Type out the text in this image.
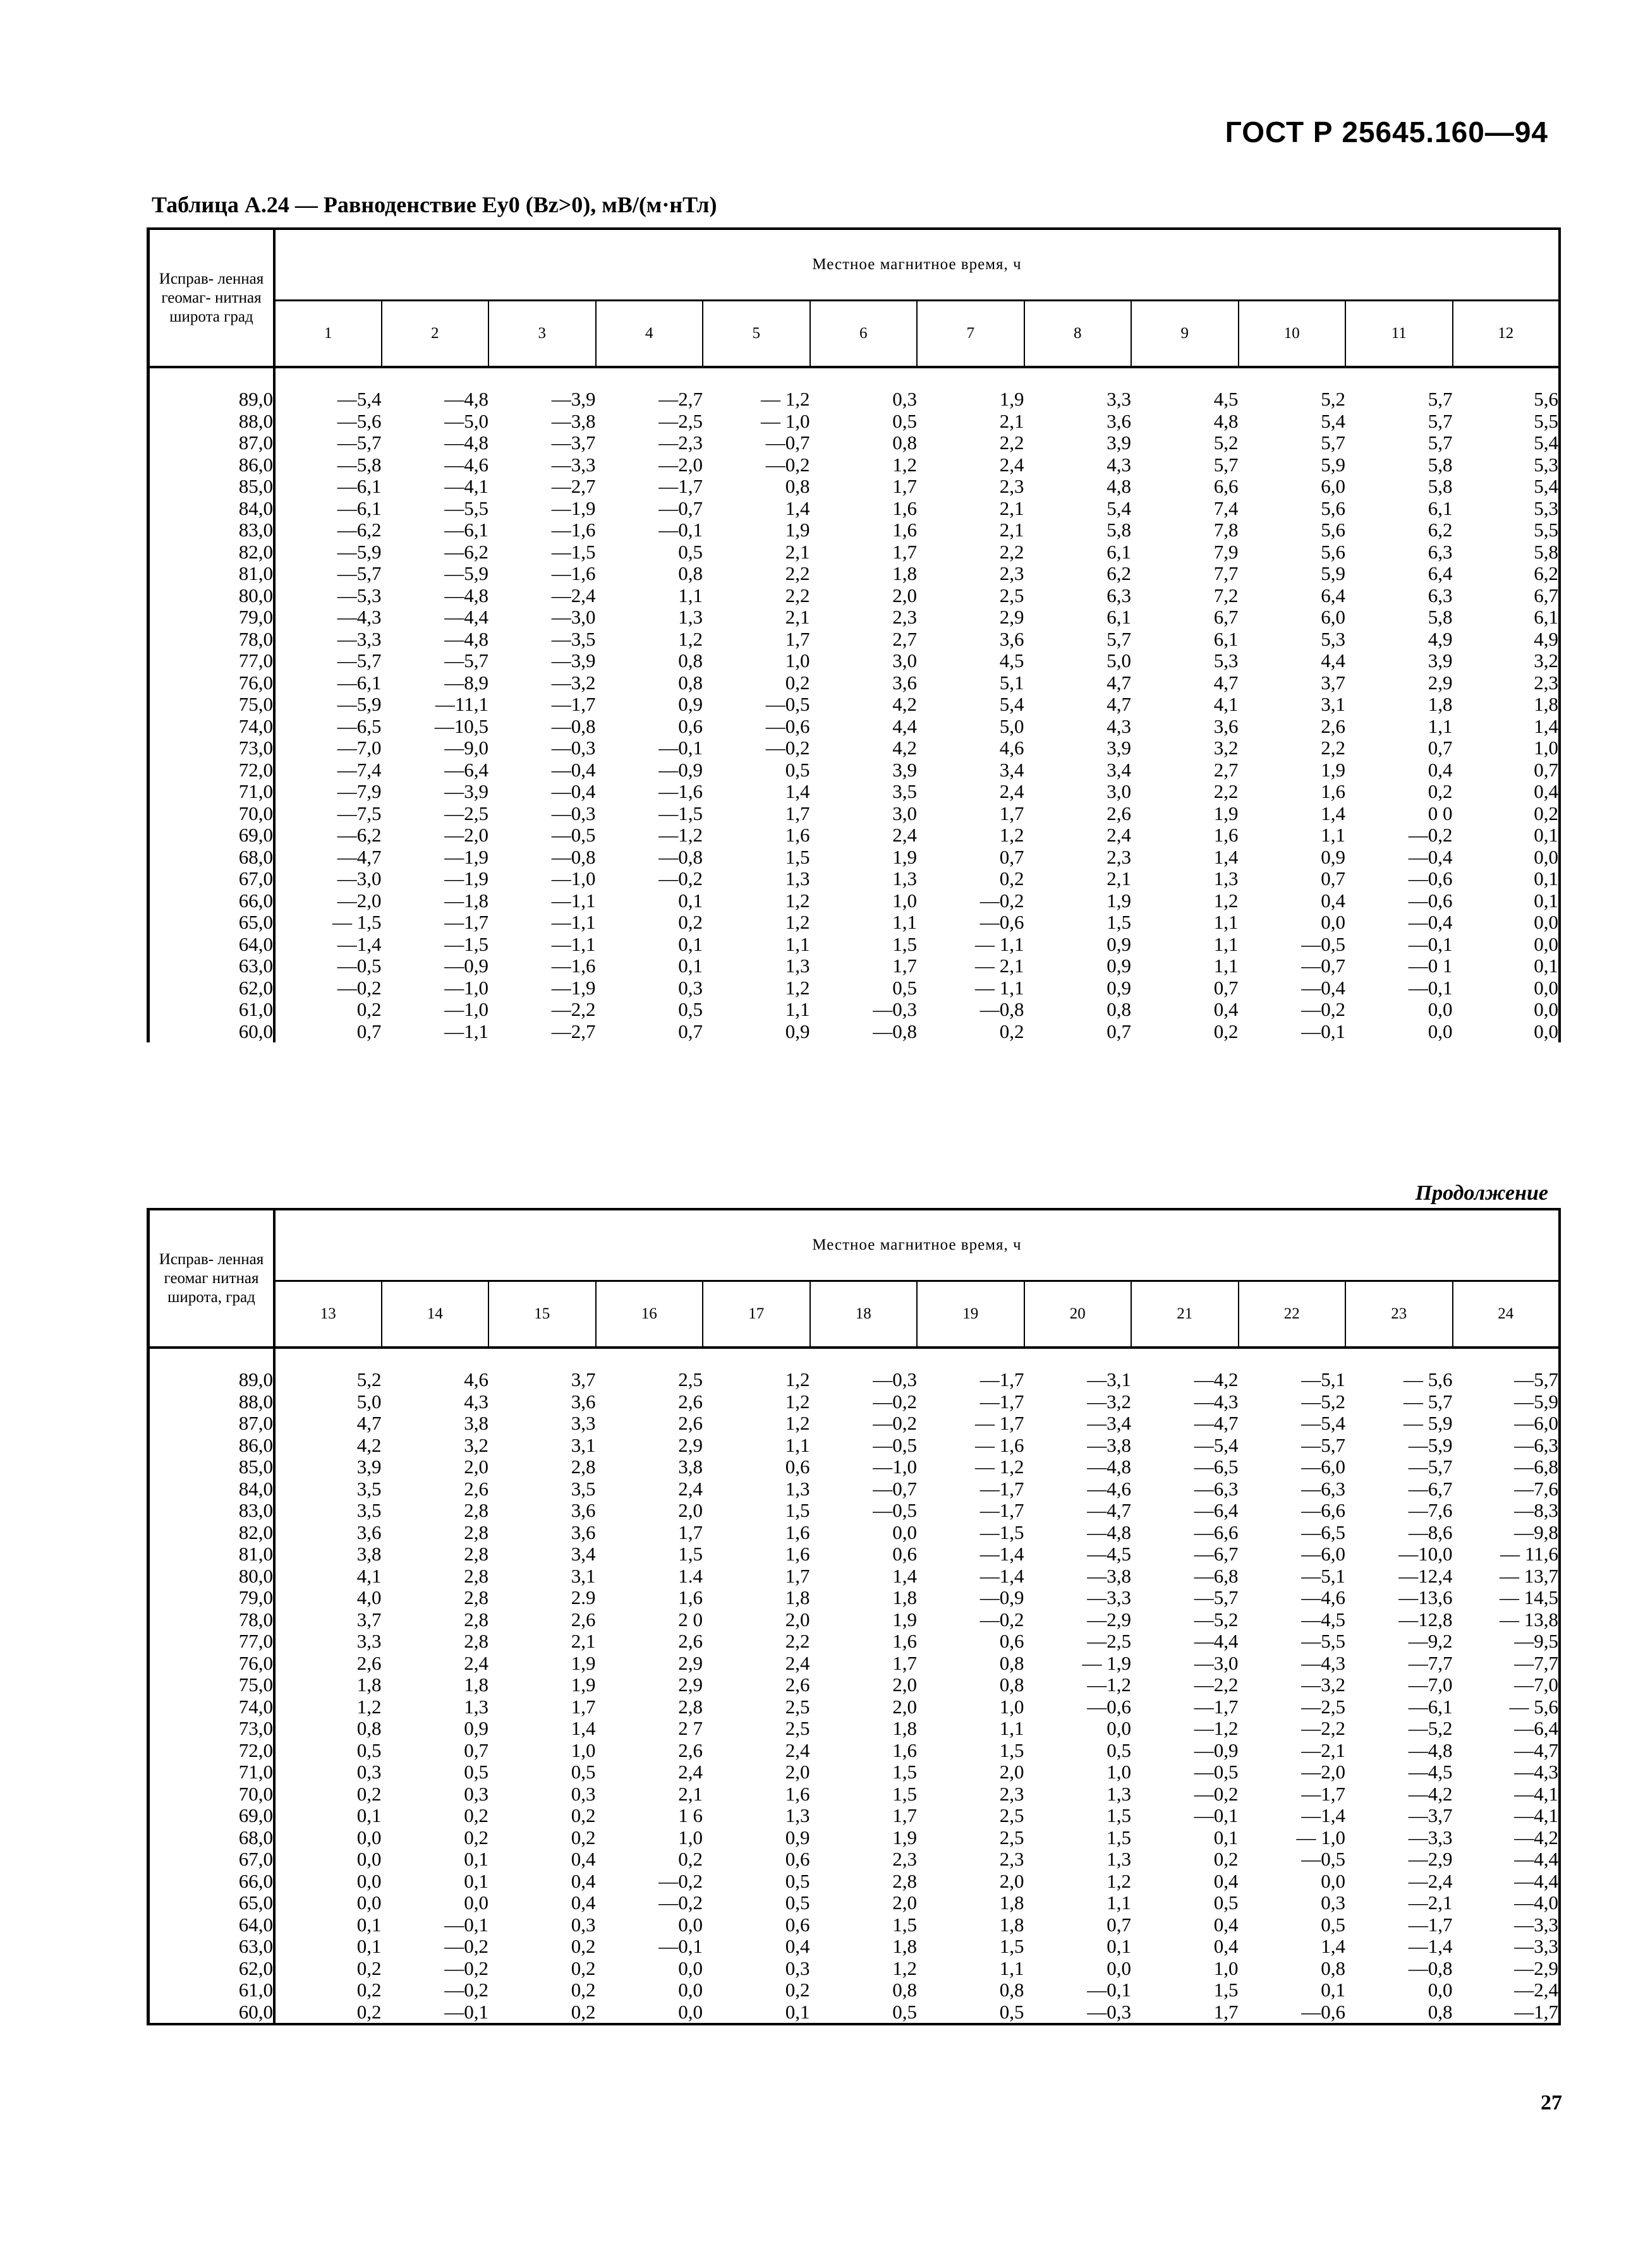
ГОСТ Р 25645.160—94
Таблица А.24 — Равноденствие Ey0 (Bz>0), мВ/(м·нТл)
Исправ- ленная геомаг- нитная широта град	Местное магнитное время, ч											
	1	2	3	4	5	6	7	8	9	10	11	12

89,0	—5,4	—4,8	—3,9	—2,7	— 1,2	0,3	1,9	3,3	4,5	5,2	5,7	5,6
88,0	—5,6	—5,0	—3,8	—2,5	— 1,0	0,5	2,1	3,6	4,8	5,4	5,7	5,5
87,0	—5,7	—4,8	—3,7	—2,3	—0,7	0,8	2,2	3,9	5,2	5,7	5,7	5,4
86,0	—5,8	—4,6	—3,3	—2,0	—0,2	1,2	2,4	4,3	5,7	5,9	5,8	5,3
85,0	—6,1	—4,1	—2,7	—1,7	0,8	1,7	2,3	4,8	6,6	6,0	5,8	5,4
84,0	—6,1	—5,5	—1,9	—0,7	1,4	1,6	2,1	5,4	7,4	5,6	6,1	5,3
83,0	—6,2	—6,1	—1,6	—0,1	1,9	1,6	2,1	5,8	7,8	5,6	6,2	5,5
82,0	—5,9	—6,2	—1,5	0,5	2,1	1,7	2,2	6,1	7,9	5,6	6,3	5,8
81,0	—5,7	—5,9	—1,6	0,8	2,2	1,8	2,3	6,2	7,7	5,9	6,4	6,2
80,0	—5,3	—4,8	—2,4	1,1	2,2	2,0	2,5	6,3	7,2	6,4	6,3	6,7
79,0	—4,3	—4,4	—3,0	1,3	2,1	2,3	2,9	6,1	6,7	6,0	5,8	6,1
78,0	—3,3	—4,8	—3,5	1,2	1,7	2,7	3,6	5,7	6,1	5,3	4,9	4,9
77,0	—5,7	—5,7	—3,9	0,8	1,0	3,0	4,5	5,0	5,3	4,4	3,9	3,2
76,0	—6,1	—8,9	—3,2	0,8	0,2	3,6	5,1	4,7	4,7	3,7	2,9	2,3
75,0	—5,9	—11,1	—1,7	0,9	—0,5	4,2	5,4	4,7	4,1	3,1	1,8	1,8
74,0	—6,5	—10,5	—0,8	0,6	—0,6	4,4	5,0	4,3	3,6	2,6	1,1	1,4
73,0	—7,0	—9,0	—0,3	—0,1	—0,2	4,2	4,6	3,9	3,2	2,2	0,7	1,0
72,0	—7,4	—6,4	—0,4	—0,9	0,5	3,9	3,4	3,4	2,7	1,9	0,4	0,7
71,0	—7,9	—3,9	—0,4	—1,6	1,4	3,5	2,4	3,0	2,2	1,6	0,2	0,4
70,0	—7,5	—2,5	—0,3	—1,5	1,7	3,0	1,7	2,6	1,9	1,4	0 0	0,2
69,0	—6,2	—2,0	—0,5	—1,2	1,6	2,4	1,2	2,4	1,6	1,1	—0,2	0,1
68,0	—4,7	—1,9	—0,8	—0,8	1,5	1,9	0,7	2,3	1,4	0,9	—0,4	0,0
67,0	—3,0	—1,9	—1,0	—0,2	1,3	1,3	0,2	2,1	1,3	0,7	—0,6	0,1
66,0	—2,0	—1,8	—1,1	0,1	1,2	1,0	—0,2	1,9	1,2	0,4	—0,6	0,1
65,0	— 1,5	—1,7	—1,1	0,2	1,2	1,1	—0,6	1,5	1,1	0,0	—0,4	0,0
64,0	—1,4	—1,5	—1,1	0,1	1,1	1,5	— 1,1	0,9	1,1	—0,5	—0,1	0,0
63,0	—0,5	—0,9	—1,6	0,1	1,3	1,7	— 2,1	0,9	1,1	—0,7	—0 1	0,1
62,0	—0,2	—1,0	—1,9	0,3	1,2	0,5	— 1,1	0,9	0,7	—0,4	—0,1	0,0
61,0	0,2	—1,0	—2,2	0,5	1,1	—0,3	—0,8	0,8	0,4	—0,2	0,0	0,0
60,0	0,7	—1,1	—2,7	0,7	0,9	—0,8	0,2	0,7	0,2	—0,1	0,0	0,0
Продолжение
Исправ- ленная геомаг нитная широта, град	Местное магнитное время, ч											
	13	14	15	16	17	18	19	20	21	22	23	24

89,0	5,2	4,6	3,7	2,5	1,2	—0,3	—1,7	—3,1	—4,2	—5,1	— 5,6	—5,7
88,0	5,0	4,3	3,6	2,6	1,2	—0,2	—1,7	—3,2	—4,3	—5,2	— 5,7	—5,9
87,0	4,7	3,8	3,3	2,6	1,2	—0,2	— 1,7	—3,4	—4,7	—5,4	— 5,9	—6,0
86,0	4,2	3,2	3,1	2,9	1,1	—0,5	— 1,6	—3,8	—5,4	—5,7	—5,9	—6,3
85,0	3,9	2,0	2,8	3,8	0,6	—1,0	— 1,2	—4,8	—6,5	—6,0	—5,7	—6,8
84,0	3,5	2,6	3,5	2,4	1,3	—0,7	—1,7	—4,6	—6,3	—6,3	—6,7	—7,6
83,0	3,5	2,8	3,6	2,0	1,5	—0,5	—1,7	—4,7	—6,4	—6,6	—7,6	—8,3
82,0	3,6	2,8	3,6	1,7	1,6	0,0	—1,5	—4,8	—6,6	—6,5	—8,6	—9,8
81,0	3,8	2,8	3,4	1,5	1,6	0,6	—1,4	—4,5	—6,7	—6,0	—10,0	— 11,6
80,0	4,1	2,8	3,1	1.4	1,7	1,4	—1,4	—3,8	—6,8	—5,1	—12,4	— 13,7
79,0	4,0	2,8	2.9	1,6	1,8	1,8	—0,9	—3,3	—5,7	—4,6	—13,6	— 14,5
78,0	3,7	2,8	2,6	2 0	2,0	1,9	—0,2	—2,9	—5,2	—4,5	—12,8	— 13,8
77,0	3,3	2,8	2,1	2,6	2,2	1,6	0,6	—2,5	—4,4	—5,5	—9,2	—9,5
76,0	2,6	2,4	1,9	2,9	2,4	1,7	0,8	— 1,9	—3,0	—4,3	—7,7	—7,7
75,0	1,8	1,8	1,9	2,9	2,6	2,0	0,8	—1,2	—2,2	—3,2	—7,0	—7,0
74,0	1,2	1,3	1,7	2,8	2,5	2,0	1,0	—0,6	—1,7	—2,5	—6,1	— 5,6
73,0	0,8	0,9	1,4	2 7	2,5	1,8	1,1	0,0	—1,2	—2,2	—5,2	—6,4
72,0	0,5	0,7	1,0	2,6	2,4	1,6	1,5	0,5	—0,9	—2,1	—4,8	—4,7
71,0	0,3	0,5	0,5	2,4	2,0	1,5	2,0	1,0	—0,5	—2,0	—4,5	—4,3
70,0	0,2	0,3	0,3	2,1	1,6	1,5	2,3	1,3	—0,2	—1,7	—4,2	—4,1
69,0	0,1	0,2	0,2	1 6	1,3	1,7	2,5	1,5	—0,1	—1,4	—3,7	—4,1
68,0	0,0	0,2	0,2	1,0	0,9	1,9	2,5	1,5	0,1	— 1,0	—3,3	—4,2
67,0	0,0	0,1	0,4	0,2	0,6	2,3	2,3	1,3	0,2	—0,5	—2,9	—4,4
66,0	0,0	0,1	0,4	—0,2	0,5	2,8	2,0	1,2	0,4	0,0	—2,4	—4,4
65,0	0,0	0,0	0,4	—0,2	0,5	2,0	1,8	1,1	0,5	0,3	—2,1	—4,0
64,0	0,1	—0,1	0,3	0,0	0,6	1,5	1,8	0,7	0,4	0,5	—1,7	—3,3
63,0	0,1	—0,2	0,2	—0,1	0,4	1,8	1,5	0,1	0,4	1,4	—1,4	—3,3
62,0	0,2	—0,2	0,2	0,0	0,3	1,2	1,1	0,0	1,0	0,8	—0,8	—2,9
61,0	0,2	—0,2	0,2	0,0	0,2	0,8	0,8	—0,1	1,5	0,1	0,0	—2,4
60,0	0,2	—0,1	0,2	0,0	0,1	0,5	0,5	—0,3	1,7	—0,6	0,8	—1,7
27
